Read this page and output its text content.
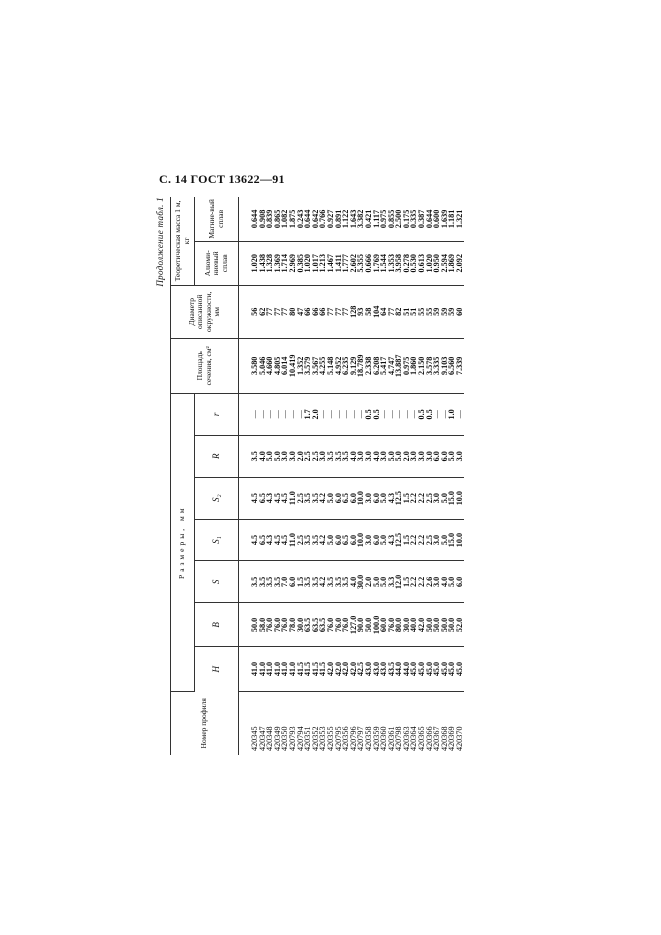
С. 14 ГОСТ 13622—91
Продолжение табл. 1
Номер профиля	Размеры, мм							Площадь сечения, см²	Диаметр описанной окружности, мм	Теоретическая масса 1 м, кг	
	H	B	S	S₁	S₂	R	r			Алюми-ниевый сплав	Магние-вый сплав
420345	41.0	50.0	3.5	4.5	4.5	3.5	—	3.580	56	1.020	0.644
420347	41.0	58.0	3.5	6.5	6.5	4.0	—	5.046	62	1.438	0.908
420348	41.0	76.0	3.5	4.3	4.3	5.0	—	4.660	77	1.328	0.839
420349	41.0	76.0	3.5	4.5	4.5	5.0	—	4.805	77	1.369	0.865
420350	41.0	76.0	7.0	4.5	4.5	3.0	—	6.014	77	1.714	1.082
420793	41.0	78.0	6.0	11.0	11.0	3.0	—	10.419	80	2.969	1.875
420794	41.5	30.0	1.5	2.5	2.5	2.0	—	1.352	47	0.385	0.243
420351	41.5	63.5	3.5	3.5	3.5	2.5	1.7	3.579	66	1.020	0.644
420352	41.5	63.5	3.5	3.5	3.5	2.5	2.0	3.567	66	1.017	0.642
420353	41.5	63.5	4.2	4.2	4.2	3.0	—	4.255	66	1.213	0.766
420355	42.0	76.0	3.5	5.0	5.0	3.5	—	5.148	77	1.467	0.927
420795	42.0	76.0	3.5	6.0	6.0	3.5	—	4.952	77	1.411	0.891
420356	42.0	76.0	3.5	6.5	6.5	3.5	—	6.235	77	1.777	1.122
420796	42.0	127.0	4.0	6.0	6.0	4.0	—	9.129	128	2.602	1.643
420797	42.5	90.0	30.0	10.0	10.0	3.0	—	18.789	93	5.355	3.382
420358	43.0	50.0	2.0	3.0	3.0	3.0	0.5	2.338	58	0.666	0.421
420359	43.0	100.0	5.0	6.0	6.0	4.0	0.5	6.208	104	1.769	1.117
420360	43.0	60.0	5.0	5.0	5.0	3.0	—	5.417	64	1.544	0.975
420361	43.5	76.0	3.3	4.3	4.3	5.0	—	4.747	77	1.353	0.855
420798	44.0	80.0	12.0	12.5	12.5	5.0	—	13.887	82	3.958	2.500
420363	44.0	30.0	1.5	1.5	1.5	2.0	—	0.975	51	0.278	0.175
420364	45.0	40.0	2.2	2.2	2.2	3.0	—	1.860	51	0.530	0.335
420365	45.0	42.0	2.2	2.2	2.2	3.0	0.5	2.150	55	0.613	0.387
420366	45.0	50.0	2.6	2.5	2.5	3.0	0.5	3.578	55	1.020	0.644
420367	45.0	50.0	3.0	3.0	3.0	6.0	—	3.335	59	0.950	0.600
420368	45.0	50.0	4.0	5.0	5.0	6.0	—	9.103	59	2.594	1.639
420369	45.0	50.0	5.0	15.0	15.0	5.0	1.0	6.560	59	1.869	1.181
420370	45.0	52.0	6.0	10.0	10.0	3.0	—	7.339	60	2.092	1.321
